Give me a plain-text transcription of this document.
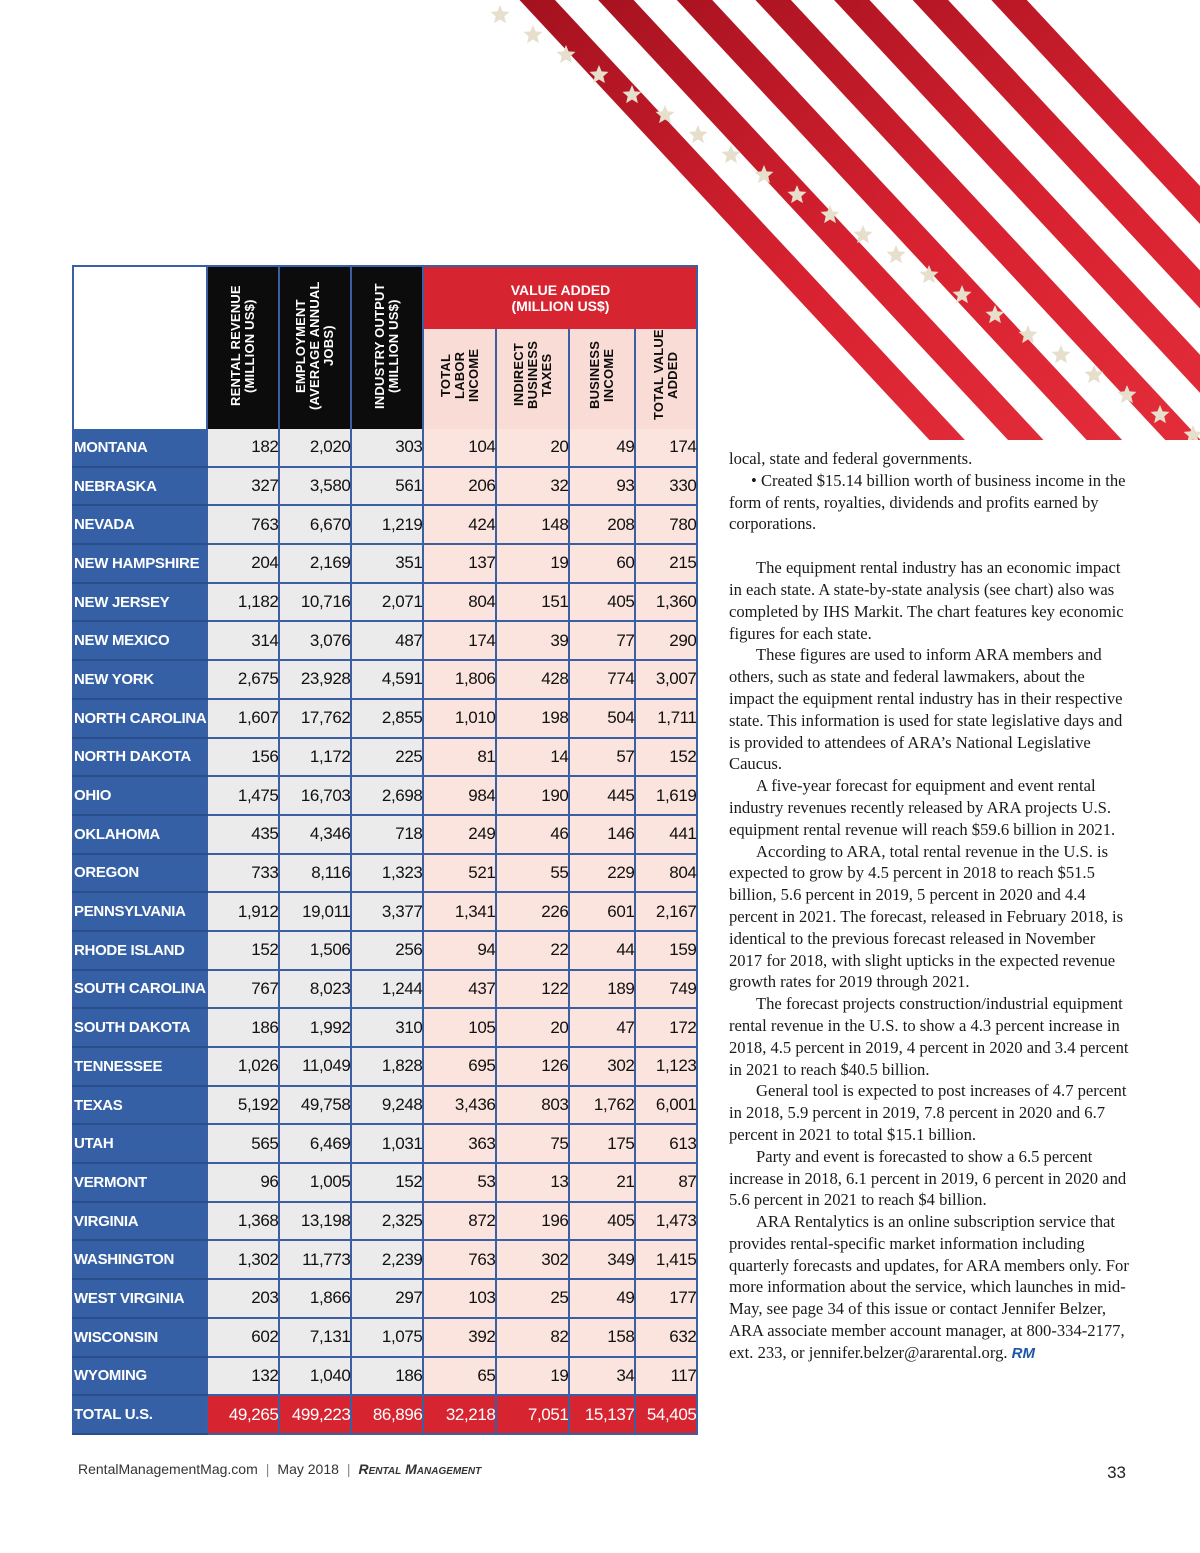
	RENTAL REVENUE (MILLION US$)	EMPLOYMENT (AVERAGE ANNUAL JOBS)	INDUSTRY OUTPUT (MILLION US$)	VALUE ADDED (MILLION US$)			

				TOTAL LABOR INCOME	INDIRECT BUSINESS TAXES	BUSINESS INCOME	TOTAL VALUE ADDED

MONTANA	182	2,020	303	104	20	49	174
NEBRASKA	327	3,580	561	206	32	93	330
NEVADA	763	6,670	1,219	424	148	208	780
NEW HAMPSHIRE	204	2,169	351	137	19	60	215
NEW JERSEY	1,182	10,716	2,071	804	151	405	1,360
NEW MEXICO	314	3,076	487	174	39	77	290
NEW YORK	2,675	23,928	4,591	1,806	428	774	3,007
NORTH CAROLINA	1,607	17,762	2,855	1,010	198	504	1,711
NORTH DAKOTA	156	1,172	225	81	14	57	152
OHIO	1,475	16,703	2,698	984	190	445	1,619
OKLAHOMA	435	4,346	718	249	46	146	441
OREGON	733	8,116	1,323	521	55	229	804
PENNSYLVANIA	1,912	19,011	3,377	1,341	226	601	2,167
RHODE ISLAND	152	1,506	256	94	22	44	159
SOUTH CAROLINA	767	8,023	1,244	437	122	189	749
SOUTH DAKOTA	186	1,992	310	105	20	47	172
TENNESSEE	1,026	11,049	1,828	695	126	302	1,123
TEXAS	5,192	49,758	9,248	3,436	803	1,762	6,001
UTAH	565	6,469	1,031	363	75	175	613
VERMONT	96	1,005	152	53	13	21	87
VIRGINIA	1,368	13,198	2,325	872	196	405	1,473
WASHINGTON	1,302	11,773	2,239	763	302	349	1,415
WEST VIRGINIA	203	1,866	297	103	25	49	177
WISCONSIN	602	7,131	1,075	392	82	158	632
WYOMING	132	1,040	186	65	19	34	117
TOTAL U.S.	49,265	499,223	86,896	32,218	7,051	15,137	54,405

local, state and federal governments.

• Created $15.14 billion worth of business income in the form of rents, royalties, dividends and profits earned by corporations.

The equipment rental industry has an economic impact in each state. A state-by-state analysis (see chart) also was completed by IHS Markit. The chart features key economic figures for each state.

These figures are used to inform ARA members and others, such as state and federal lawmakers, about the impact the equipment rental industry has in their respective state. This information is used for state legislative days and is provided to attendees of ARA’s National Legislative Caucus.

A five-year forecast for equipment and event rental industry revenues recently released by ARA projects U.S. equipment rental revenue will reach $59.6 billion in 2021.

According to ARA, total rental revenue in the U.S. is expected to grow by 4.5 percent in 2018 to reach $51.5 billion, 5.6 percent in 2019, 5 percent in 2020 and 4.4 percent in 2021. The forecast, released in February 2018, is identical to the previous forecast released in November 2017 for 2018, with slight upticks in the expected revenue growth rates for 2019 through 2021.

The forecast projects construction/industrial equipment rental revenue in the U.S. to show a 4.3 percent increase in 2018, 4.5 percent in 2019, 4 percent in 2020 and 3.4 percent in 2021 to reach $40.5 billion.

General tool is expected to post increases of 4.7 percent in 2018, 5.9 percent in 2019, 7.8 percent in 2020 and 6.7 percent in 2021 to total $15.1 billion.

Party and event is forecasted to show a 6.5 percent increase in 2018, 6.1 percent in 2019, 6 percent in 2020 and 5.6 percent in 2021 to reach $4 billion.

ARA Rentalytics is an online subscription service that provides rental-specific market information including quarterly forecasts and updates, for ARA members only. For more information about the service, which launches in mid-May, see page 34 of this issue or contact Jennifer Belzer, ARA associate member account manager, at 800-334-2177, ext. 233, or jennifer.belzer@ararental.org. RM

RentalManagementMag.com | May 2018 | Rental Management	33
